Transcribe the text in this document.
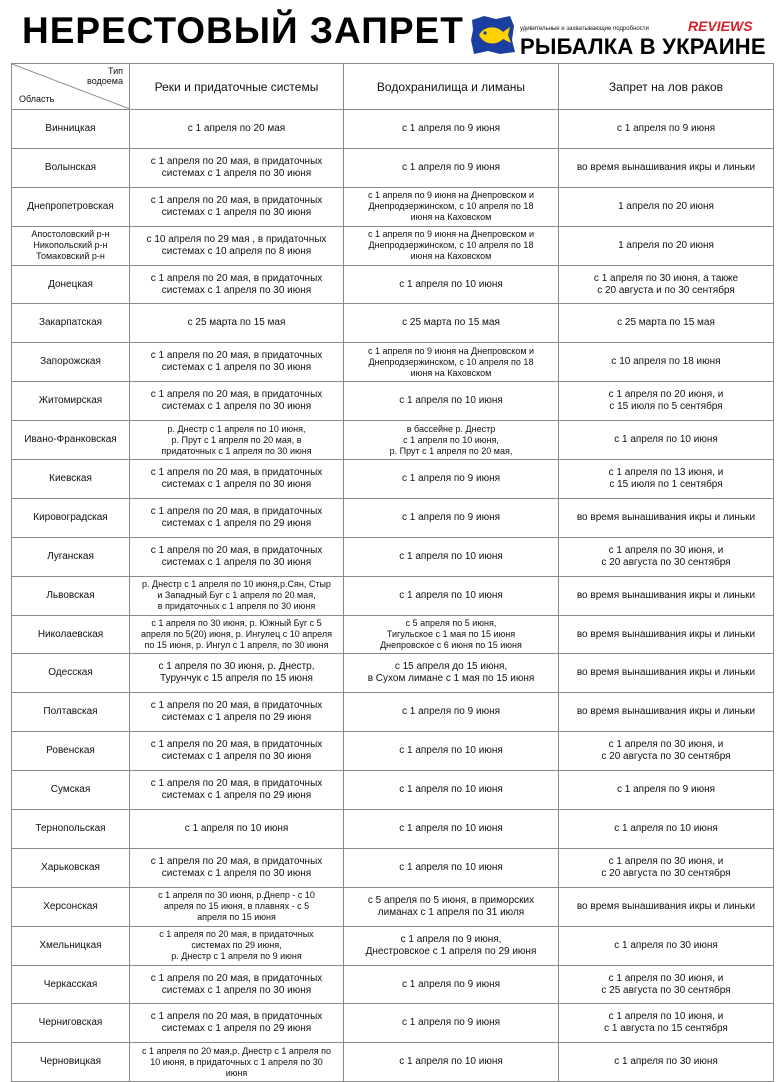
НЕРЕСТОВЫЙ ЗАПРЕТ	удивительные и захватывающие подробности	REVIEWS
РЫБАЛКА В УКРАИНЕ
Тип
водоема
Область	Реки и придаточные системы	Водохранилища и лиманы	Запрет на лов раков

Винницкая	с 1 апреля по 20 мая	с 1 апреля по 9 июня	с 1 апреля по 9 июня

Волынская	с 1 апреля по 20 мая, в придаточных
системах с 1 апреля по 30 июня	с 1 апреля по 9 июня	во время вынашивания икры и линьки

Днепропетровская	с 1 апреля по 20 мая, в придаточных
системах с 1 апреля по 30 июня	с 1 апреля по 9 июня на Днепровском и
Днепродзержинском, с 10 апреля по 18
июня на Каховском	1 апреля по 20 июня

Апостоловский р-н
Никопольский р-н
Томаковский р-н	с 10 апреля по 29 мая , в придаточных
системах с 10 апреля по 8 июня	с 1 апреля по 9 июня на Днепровском и
Днепродзержинском, с 10 апреля по 18
июня на Каховском	1 апреля по 20 июня

Донецкая	с 1 апреля по 20 мая, в придаточных
системах с 1 апреля по 30 июня	с 1 апреля по 10 июня	с 1 апреля по 30 июня, а также
с 20 августа и по 30 сентября

Закарпатская	с 25 марта по 15 мая	с 25 марта по 15 мая	с 25 марта по 15 мая

Запорожская	с 1 апреля по 20 мая, в придаточных
системах с 1 апреля по 30 июня	с 1 апреля по 9 июня на Днепровском и
Днепродзержинском, с 10 апреля по 18
июня на Каховском	с 10 апреля по 18 июня

Житомирская	с 1 апреля по 20 мая, в придаточных
системах с 1 апреля по 30 июня	с 1 апреля по 10 июня	с 1 апреля по 20 июня, и
с 15 июля по 5 сентября

Ивано-Франковская	р. Днестр с 1 апреля по 10 июня,
р. Прут с 1 апреля по 20 мая, в
придаточных с 1 апреля по 30 июня	в бассейне р. Днестр
с 1 апреля по 10 июня,
р. Прут с 1 апреля по 20 мая,	с 1 апреля по 10 июня

Киевская	с 1 апреля по 20 мая, в придаточных
системах с 1 апреля по 30 июня	с 1 апреля по 9 июня	с 1 апреля по 13 июня, и
с 15 июля по 1 сентября

Кировоградская	с 1 апреля по 20 мая, в придаточных
системах с 1 апреля по 29 июня	с 1 апреля по 9 июня	во время вынашивания икры и линьки

Луганская	с 1 апреля по 20 мая, в придаточных
системах с 1 апреля по 30 июня	с 1 апреля по 10 июня	с 1 апреля по 30 июня, и
с 20 августа по 30 сентября

Львовская	р. Днестр с 1 апреля по 10 июня,р.Сян, Стыр
и Западный Буг с 1 апреля по 20 мая,
в придаточных с 1 апреля по 30 июня	с 1 апреля по 10 июня	во время вынашивания икры и линьки

Николаевская	с 1 апреля по 30 июня, р. Южный Буг с 5
апреля по 5(20) июня, р. Ингулец с 10 апреля
по 15 июня, р. Ингул с 1 апреля, по 30 июня	с 5 апреля по 5 июня,
Тигульское с 1 мая по 15 июня
Днепровское с 6 июня по 15 июня	во время вынашивания икры и линьки

Одесская	с 1 апреля по 30 июня, р. Днестр,
Турунчук с 15 апреля по 15 июня	с 15 апреля до 15 июня,
в Сухом лимане с 1 мая по 15 июня	во время вынашивания икры и линьки

Полтавская	с 1 апреля по 20 мая, в придаточных
системах с 1 апреля по 29 июня	с 1 апреля по 9 июня	во время вынашивания икры и линьки

Ровенская	с 1 апреля по 20 мая, в придаточных
системах с 1 апреля по 30 июня	с 1 апреля по 10 июня	с 1 апреля по 30 июня, и
с 20 августа по 30 сентября

Сумская	с 1 апреля по 20 мая, в придаточных
системах с 1 апреля по 29 июня	с 1 апреля по 10 июня	с 1 апреля по 9 июня

Тернопольская	с 1 апреля по 10 июня	с 1 апреля по 10 июня	с 1 апреля по 10 июня

Харьковская	с 1 апреля по 20 мая, в придаточных
системах с 1 апреля по 30 июня	с 1 апреля по 10 июня	с 1 апреля по 30 июня, и
с 20 августа по 30 сентября

Херсонская	с 1 апреля по 30 июня, р.Днепр - с 10
апреля по 15 июня, в плавнях - с 5
апреля по 15 июня	с 5 апреля по 5 июня, в приморских
лиманах с 1 апреля по 31 июля	во время вынашивания икры и линьки

Хмельницкая	с 1 апреля по 20 мая, в придаточных
системах по 29 июня,
р. Днестр с 1 апреля по 9 июня	с 1 апреля по 9 июня,
Днестровское с 1 апреля по 29 июня	с 1 апреля по 30 июня

Черкасская	с 1 апреля по 20 мая, в придаточных
системах с 1 апреля по 30 июня	с 1 апреля по 9 июня	с 1 апреля по 30 июня, и
с 25 августа по 30 сентября

Черниговская	с 1 апреля по 20 мая, в придаточных
системах с 1 апреля по 29 июня	с 1 апреля по 9 июня	с 1 апреля по 10 июня, и
с 1 августа по 15 сентября

Черновицкая	с 1 апреля по 20 мая,р. Днестр с 1 апреля по
10 июня, в придаточных с 1 апреля по 30
июня	с 1 апреля по 10 июня	с 1 апреля по 30 июня
